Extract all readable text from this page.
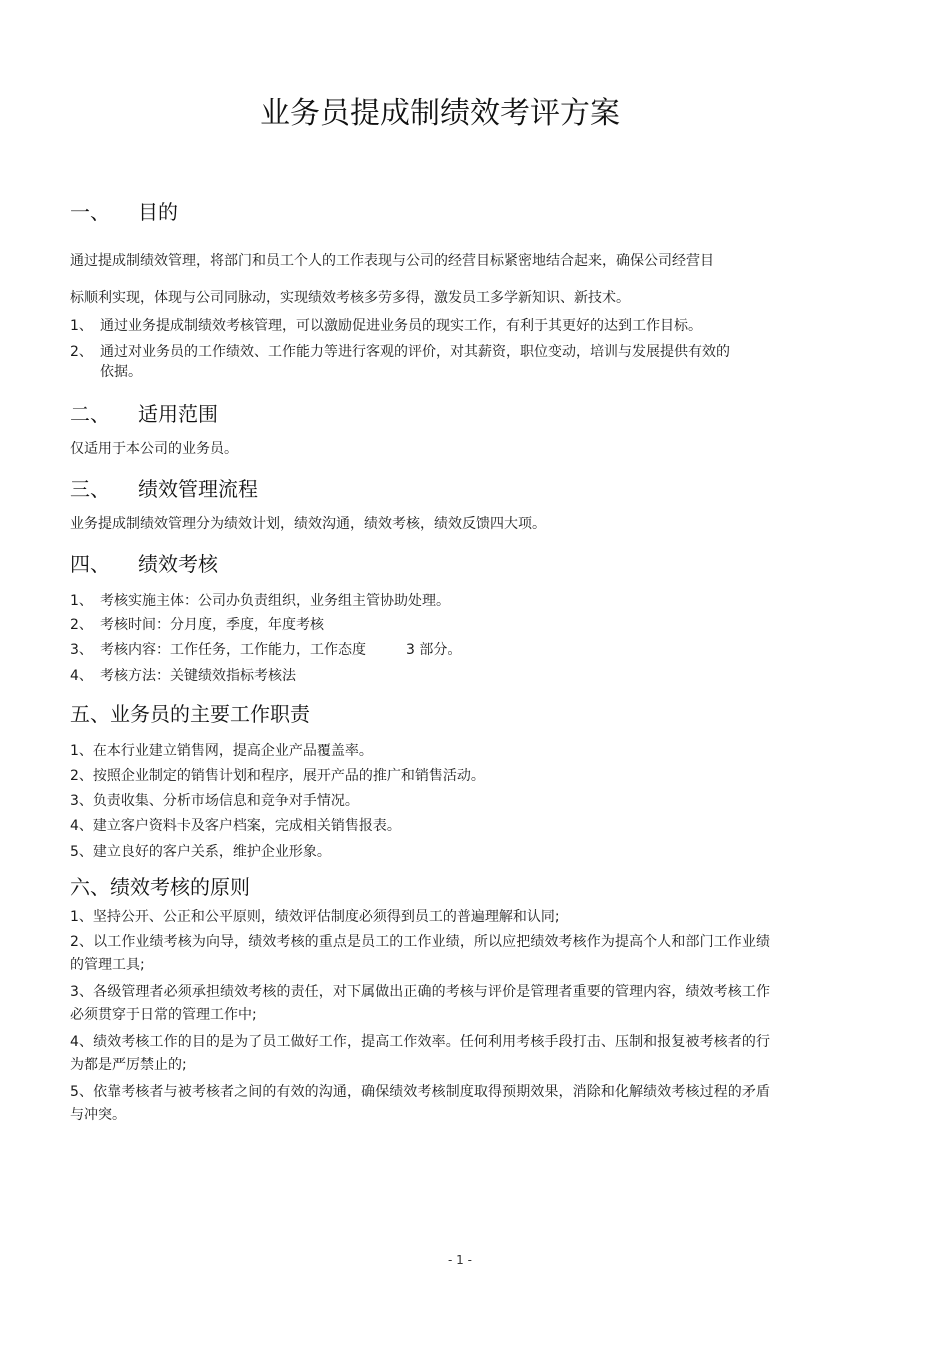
业务员提成制绩效考评方案
一、 目的
通过提成制绩效管理，将部门和员工个人的工作表现与公司的经营目标紧密地结合起来，确保公司经营目
标顺利实现，体现与公司同脉动，实现绩效考核多劳多得，激发员工多学新知识、新技术。
1、 通过业务提成制绩效考核管理，可以激励促进业务员的现实工作，有利于其更好的达到工作目标。
2、 通过对业务员的工作绩效、工作能力等进行客观的评价，对其薪资，职位变动，培训与发展提供有效的
依据。
二、 适用范围
仅适用于本公司的业务员。
三、 绩效管理流程
业务提成制绩效管理分为绩效计划，绩效沟通，绩效考核，绩效反馈四大项。
四、 绩效考核
1、 考核实施主体：公司办负责组织，业务组主管协助处理。
2、 考核时间：分月度，季度，年度考核
3、 考核内容：工作任务，工作能力，工作态度	3 部分。
4、 考核方法：关键绩效指标考核法
五、业务员的主要工作职责
1、在本行业建立销售网，提高企业产品覆盖率。
2、按照企业制定的销售计划和程序，展开产品的推广和销售活动。
3、负责收集、分析市场信息和竞争对手情况。
4、建立客户资料卡及客户档案，完成相关销售报表。
5、建立良好的客户关系，维护企业形象。
六、绩效考核的原则
1、坚持公开、公正和公平原则，绩效评估制度必须得到员工的普遍理解和认同;
2、以工作业绩考核为向导，绩效考核的重点是员工的工作业绩，所以应把绩效考核作为提高个人和部门工作业绩的管理工具;
3、各级管理者必须承担绩效考核的责任，对下属做出正确的考核与评价是管理者重要的管理内容，绩效考核工作必须贯穿于日常的管理工作中;
4、绩效考核工作的目的是为了员工做好工作，提高工作效率。任何利用考核手段打击、压制和报复被考核者的行为都是严厉禁止的;
5、依靠考核者与被考核者之间的有效的沟通，确保绩效考核制度取得预期效果，消除和化解绩效考核过程的矛盾与冲突。
- 1 -
